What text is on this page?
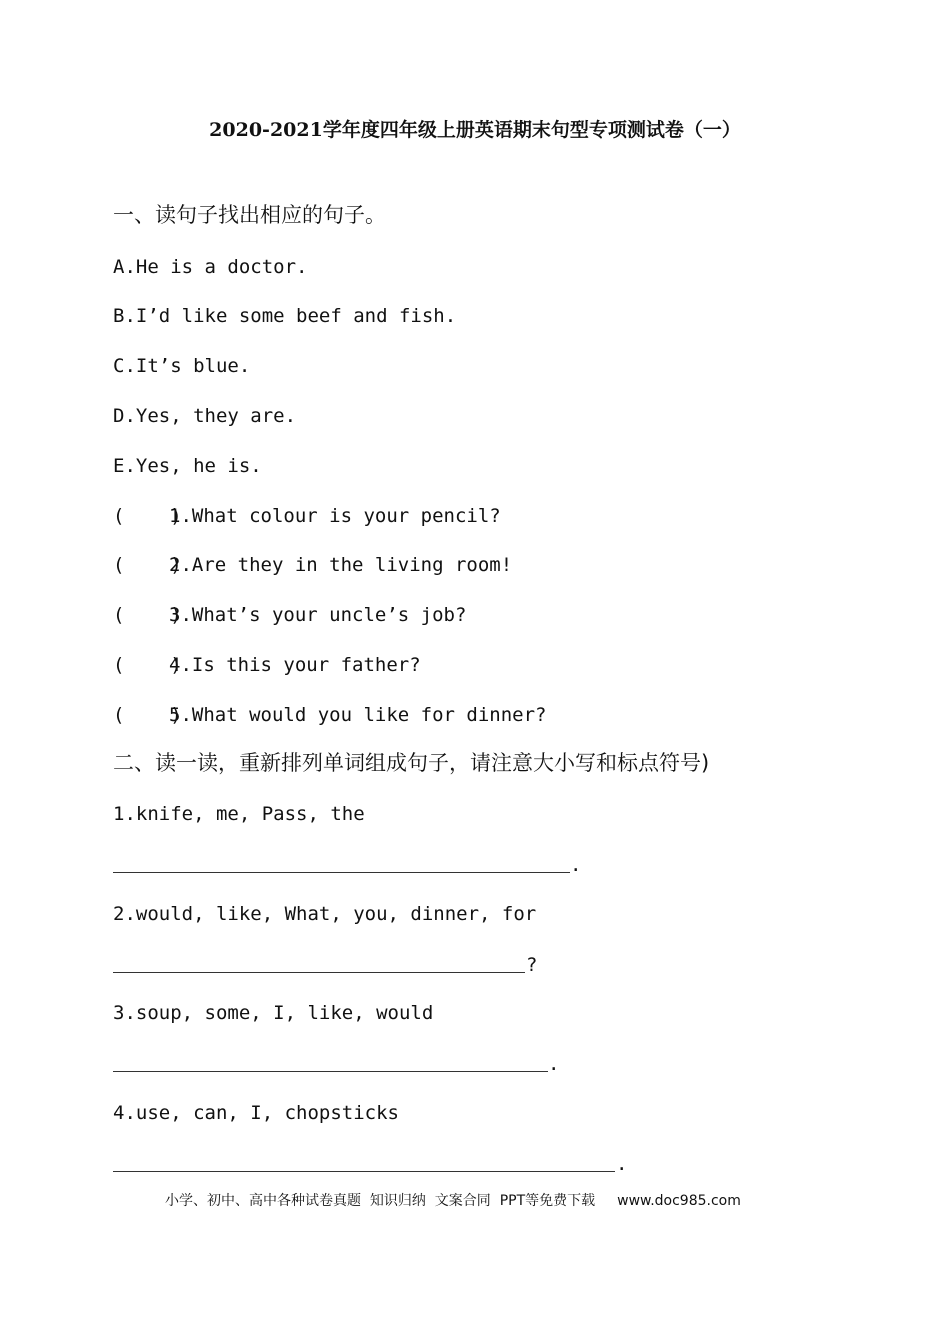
2020-2021学年度四年级上册英语期末句型专项测试卷（一）
一、读句子找出相应的句子。
A.He is a doctor.
B.I’d like some beef and fish.
C.It’s blue.
D.Yes, they are.
E.Yes, he is.
(    )1.What colour is your pencil?
(    )2.Are they in the living room!
(    )3.What’s your uncle’s job?
(    )4.Is this your father?
(    )5.What would you like for dinner?
二、读一读，重新排列单词组成句子，请注意大小写和标点符号)
1.knife, me, Pass, the
.
2.would, like, What, you, dinner, for
?
3.soup, some, I, like, would
.
4.use, can, I, chopsticks
.
小学、初中、高中各种试卷真题  知识归纳  文案合同  PPT等免费下载 www.doc985.com
